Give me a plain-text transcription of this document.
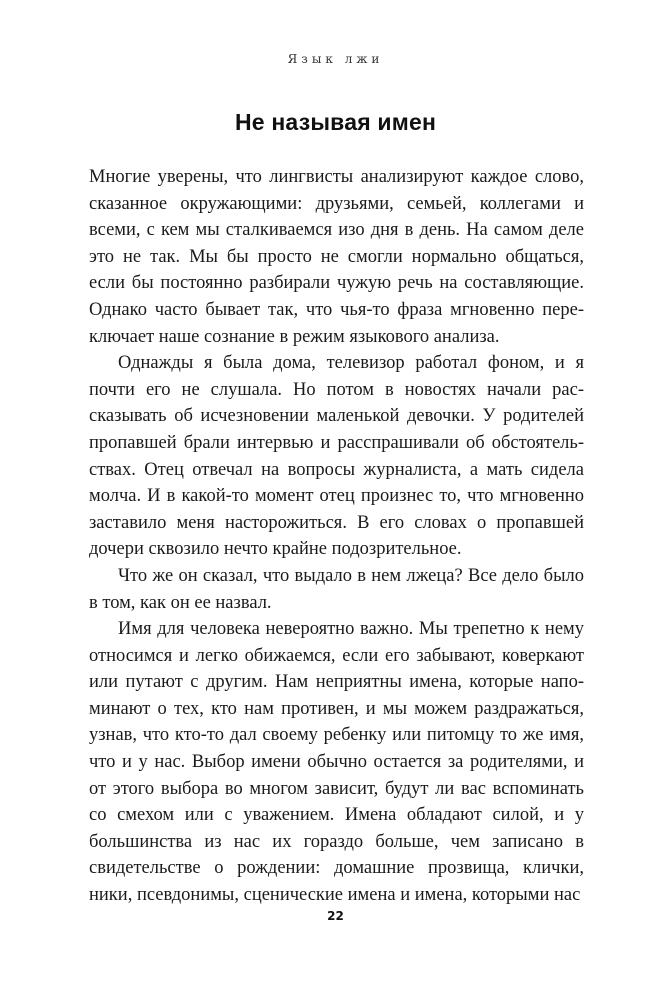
Язык лжи
Не называя имен

Многие уверены, что лингвисты анализируют каждое слово, сказанное окружающими: друзьями, семьей, коллегами и всеми, с кем мы сталкиваемся изо дня в день. На самом деле это не так. Мы бы просто не смогли нормально общаться, если бы постоянно разбирали чужую речь на составляющие. Однако часто бывает так, что чья-то фраза мгновенно переключает наше сознание в режим языкового анализа.

Однажды я была дома, телевизор работал фоном, и я почти его не слушала. Но потом в новостях начали рассказывать об исчезновении маленькой девочки. У родителей пропавшей брали интервью и расспрашивали об обстоятельствах. Отец отвечал на вопросы журналиста, а мать сидела молча. И в какой-то момент отец произнес то, что мгновенно заставило меня насторожиться. В его словах о пропавшей дочери сквозило нечто крайне подозрительное.

Что же он сказал, что выдало в нем лжеца? Все дело было в том, как он ее назвал.

Имя для человека невероятно важно. Мы трепетно к нему относимся и легко обижаемся, если его забывают, коверкают или путают с другим. Нам неприятны имена, которые напоминают о тех, кто нам противен, и мы можем раздражаться, узнав, что кто-то дал своему ребенку или питомцу то же имя, что и у нас. Выбор имени обычно остается за родителями, и от этого выбора во многом зависит, будут ли вас вспоминать со смехом или с уважением. Имена обладают силой, и у большинства из нас их гораздо больше, чем записано в свидетельстве о рождении: домашние прозвища, клички, ники, псевдонимы, сценические имена и имена, которыми нас

22
